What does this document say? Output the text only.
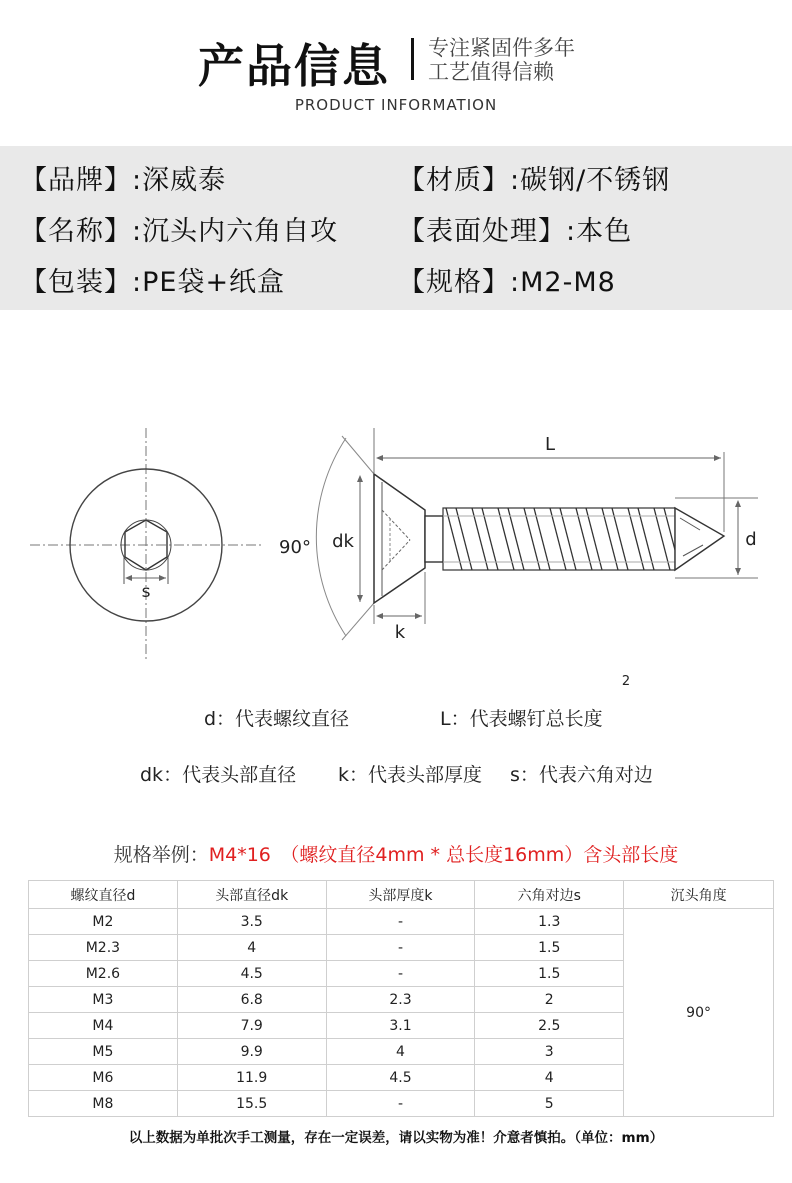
产品信息 专注紧固件多年
工艺值得信赖
PRODUCT INFORMATION
【品牌】:深威泰
【名称】:沉头内六角自攻
【包装】:PE袋+纸盒
【材质】:碳钢/不锈钢
【表面处理】:本色
【规格】:M2-M8
s
90° dk
L
k
d
2
d：代表螺纹直径	L：代表螺钉总长度
dk：代表头部直径 k：代表头部厚度 s：代表六角对边
规格举例：M4*16　（螺纹直径4mm * 总长度16mm）含头部长度
螺纹直径d	头部直径dk	头部厚度k	六角对边s	沉头角度
M2	3.5	-	1.3	90°
M2.3	4	-	1.5	
M2.6	4.5	-	1.5	
M3	6.8	2.3	2	
M4	7.9	3.1	2.5	
M5	9.9	4	3	
M6	11.9	4.5	4	
M8	15.5	-	5	
以上数据为单批次手工测量，存在一定误差，请以实物为准！介意者慎拍。（单位：mm）
